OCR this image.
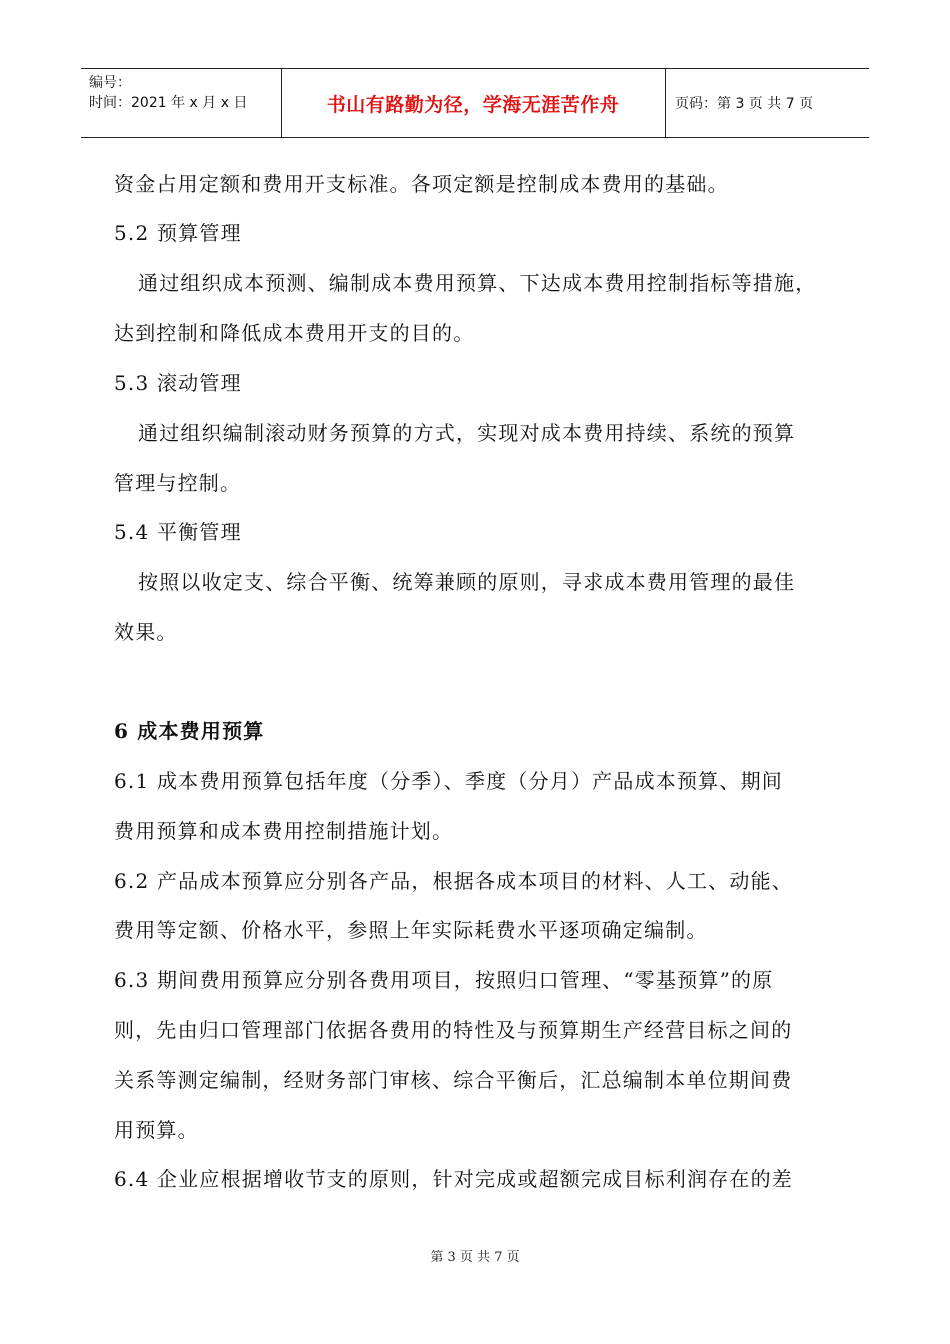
编号：
时间：2021 年 x 月 x 日	书山有路勤为径，学海无涯苦作舟	页码：第 3 页 共 7 页
资金占用定额和费用开支标准。各项定额是控制成本费用的基础。
5.2 预算管理
通过组织成本预测、编制成本费用预算、下达成本费用控制指标等措施，
达到控制和降低成本费用开支的目的。
5.3 滚动管理
通过组织编制滚动财务预算的方式，实现对成本费用持续、系统的预算
管理与控制。
5.4 平衡管理
按照以收定支、综合平衡、统筹兼顾的原则，寻求成本费用管理的最佳
效果。
6 成本费用预算
6.1 成本费用预算包括年度（分季）、季度（分月）产品成本预算、期间
费用预算和成本费用控制措施计划。
6.2 产品成本预算应分别各产品，根据各成本项目的材料、人工、动能、
费用等定额、价格水平，参照上年实际耗费水平逐项确定编制。
6.3 期间费用预算应分别各费用项目，按照归口管理、“零基预算”的原
则，先由归口管理部门依据各费用的特性及与预算期生产经营目标之间的
关系等测定编制，经财务部门审核、综合平衡后，汇总编制本单位期间费
用预算。
6.4 企业应根据增收节支的原则，针对完成或超额完成目标利润存在的差
第 3 页 共 7 页
